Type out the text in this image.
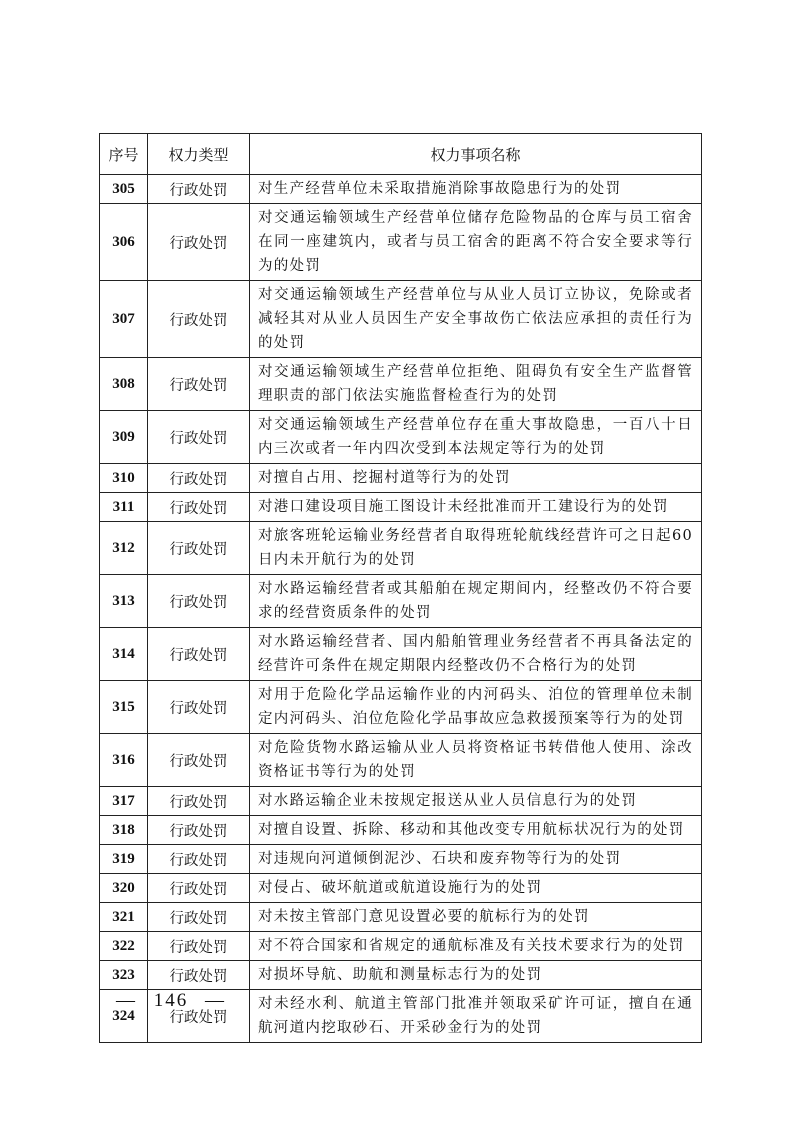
序号	权力类型	权力事项名称
305	行政处罚	对生产经营单位未采取措施消除事故隐患行为的处罚
306	行政处罚	对交通运输领域生产经营单位储存危险物品的仓库与员工宿舍在同一座建筑内，或者与员工宿舍的距离不符合安全要求等行为的处罚
307	行政处罚	对交通运输领域生产经营单位与从业人员订立协议，免除或者减轻其对从业人员因生产安全事故伤亡依法应承担的责任行为的处罚
308	行政处罚	对交通运输领域生产经营单位拒绝、阻碍负有安全生产监督管理职责的部门依法实施监督检查行为的处罚
309	行政处罚	对交通运输领域生产经营单位存在重大事故隐患，一百八十日内三次或者一年内四次受到本法规定等行为的处罚
310	行政处罚	对擅自占用、挖掘村道等行为的处罚
311	行政处罚	对港口建设项目施工图设计未经批准而开工建设行为的处罚
312	行政处罚	对旅客班轮运输业务经营者自取得班轮航线经营许可之日起60日内未开航行为的处罚
313	行政处罚	对水路运输经营者或其船舶在规定期间内，经整改仍不符合要求的经营资质条件的处罚
314	行政处罚	对水路运输经营者、国内船舶管理业务经营者不再具备法定的经营许可条件在规定期限内经整改仍不合格行为的处罚
315	行政处罚	对用于危险化学品运输作业的内河码头、泊位的管理单位未制定内河码头、泊位危险化学品事故应急救援预案等行为的处罚
316	行政处罚	对危险货物水路运输从业人员将资格证书转借他人使用、涂改资格证书等行为的处罚
317	行政处罚	对水路运输企业未按规定报送从业人员信息行为的处罚
318	行政处罚	对擅自设置、拆除、移动和其他改变专用航标状况行为的处罚
319	行政处罚	对违规向河道倾倒泥沙、石块和废弃物等行为的处罚
320	行政处罚	对侵占、破坏航道或航道设施行为的处罚
321	行政处罚	对未按主管部门意见设置必要的航标行为的处罚
322	行政处罚	对不符合国家和省规定的通航标准及有关技术要求行为的处罚
323	行政处罚	对损坏导航、助航和测量标志行为的处罚
324	行政处罚	对未经水利、航道主管部门批准并领取采矿许可证，擅自在通航河道内挖取砂石、开采砂金行为的处罚
— 146 —
